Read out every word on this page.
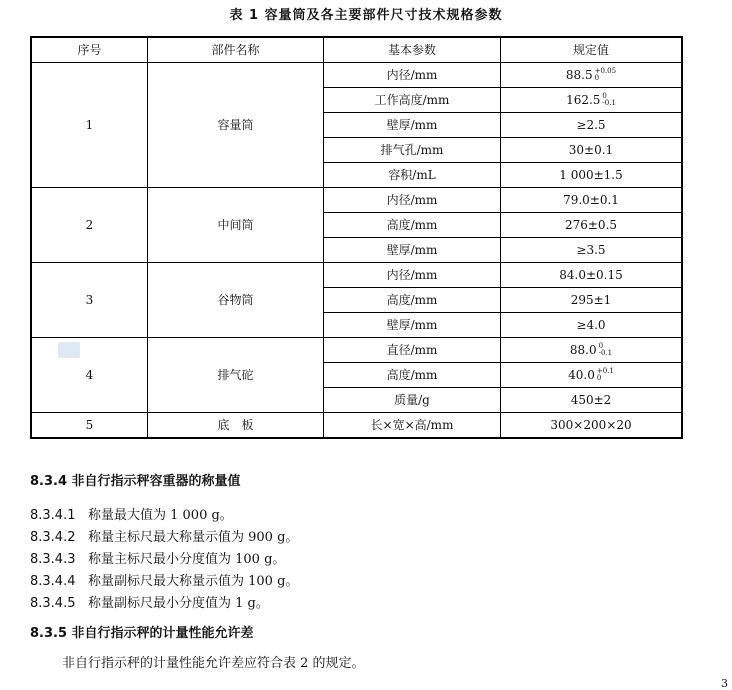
表 1 容量筒及各主要部件尺寸技术规格参数
序号	部件名称	基本参数	规定值
1	容量筒	内径/mm	88.5 +0.05
0

		工作高度/mm	162.5 0
-0.1

		壁厚/mm	≥2.5
		排气孔/mm	30±0.1
		容积/mL	1 000±1.5
2	中间筒	内径/mm	79.0±0.1
		高度/mm	276±0.5
		壁厚/mm	≥3.5
3	谷物筒	内径/mm	84.0±0.15
		高度/mm	295±1
		壁厚/mm	≥4.0
4	排气砣	直径/mm	88.0 0
-0.1

		高度/mm	40.0 +0.1
0

		质量/g	450±2
5	底　板	长×宽×高/mm	300×200×20
8.3.4 非自行指示秤容重器的称量值
8.3.4.1 称量最大值为 1 000 g。
8.3.4.2 称量主标尺最大称量示值为 900 g。
8.3.4.3 称量主标尺最小分度值为 100 g。
8.3.4.4 称量副标尺最大称量示值为 100 g。
8.3.4.5 称量副标尺最小分度值为 1 g。
8.3.5 非自行指示秤的计量性能允许差
非自行指示秤的计量性能允许差应符合表 2 的规定。
3
